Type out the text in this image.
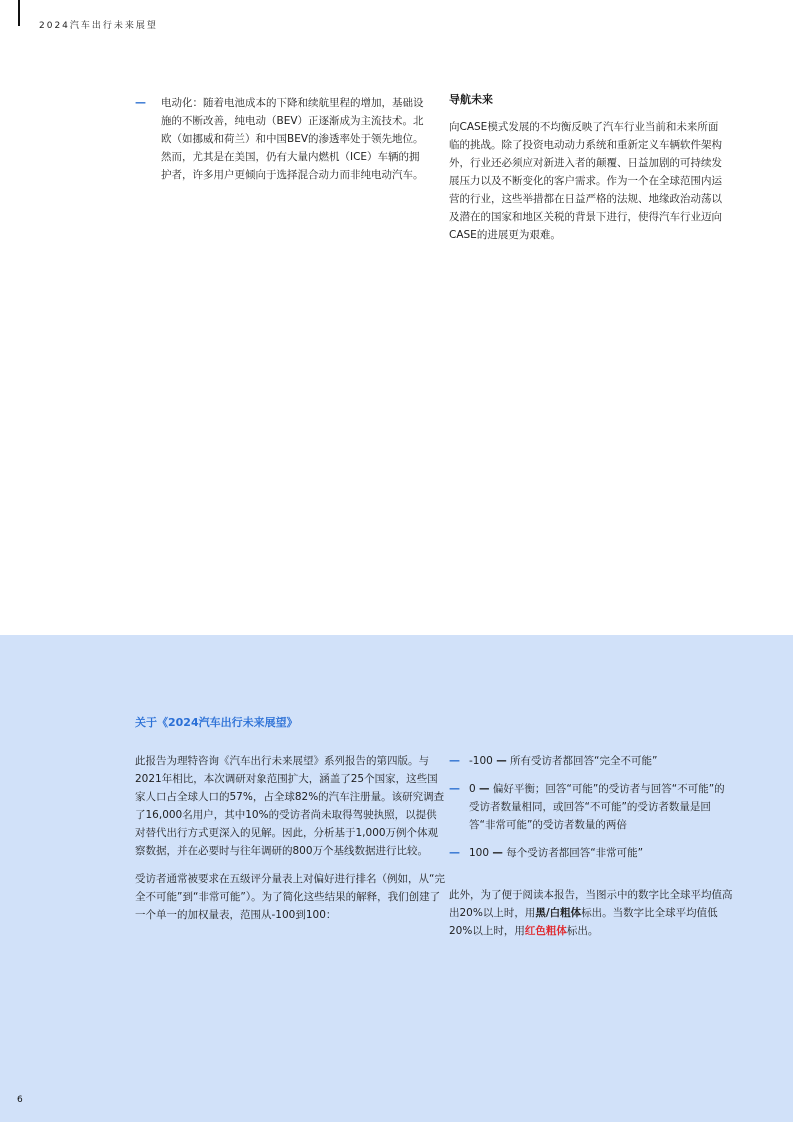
2024汽车出行未来展望
—	电动化：随着电池成本的下降和续航里程的增加，基础设施的不断改善，纯电动（BEV）正逐渐成为主流技术。北欧（如挪威和荷兰）和中国BEV的渗透率处于领先地位。然而，尤其是在美国，仍有大量内燃机（ICE）车辆的拥护者，许多用户更倾向于选择混合动力而非纯电动汽车。

导航未来

向CASE模式发展的不均衡反映了汽车行业当前和未来所面临的挑战。除了投资电动动力系统和重新定义车辆软件架构外，行业还必须应对新进入者的颠覆、日益加剧的可持续发展压力以及不断变化的客户需求。作为一个在全球范围内运营的行业，这些举措都在日益严格的法规、地缘政治动荡以及潜在的国家和地区关税的背景下进行，使得汽车行业迈向CASE的进展更为艰难。

关于《2024汽车出行未来展望》

此报告为理特咨询《汽车出行未来展望》系列报告的第四版。与2021年相比，本次调研对象范围扩大，涵盖了25个国家，这些国家人口占全球人口的57%，占全球82%的汽车注册量。该研究调查了16,000名用户，其中10%的受访者尚未取得驾驶执照，以提供对替代出行方式更深入的见解。因此，分析基于1,000万例个体观察数据，并在必要时与往年调研的800万个基线数据进行比较。

受访者通常被要求在五级评分量表上对偏好进行排名（例如，从“完全不可能”到“非常可能”）。为了简化这些结果的解释，我们创建了一个单一的加权量表，范围从-100到100：

— -100 — 所有受访者都回答“完全不可能”

— 0 — 偏好平衡；回答“可能”的受访者与回答“不可能”的受访者数量相同，或回答“不可能”的受访者数量是回答“非常可能”的受访者数量的两倍

— 100 — 每个受访者都回答“非常可能”

此外，为了便于阅读本报告，当图示中的数字比全球平均值高出20%以上时，用黑/白粗体标出。当数字比全球平均值低20%以上时，用红色粗体标出。

6
